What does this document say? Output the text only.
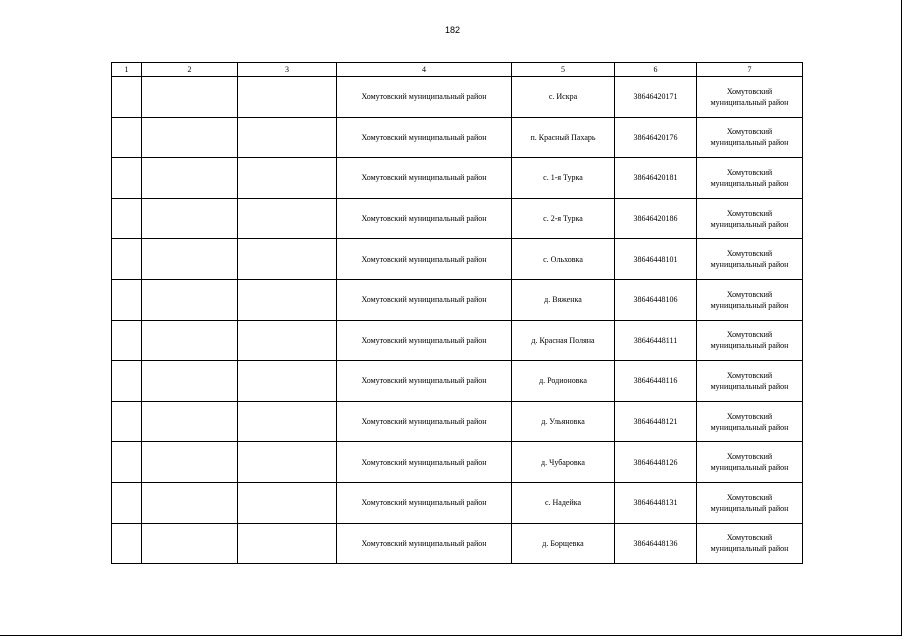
182
1	2	3	4	5	6	7
			Хомутовский муниципальный район	с. Искра	38646420171	Хомутовский муниципальный район
			Хомутовский муниципальный район	п. Красный Пахарь	38646420176	Хомутовский муниципальный район
			Хомутовский муниципальный район	с. 1-я Турка	38646420181	Хомутовский муниципальный район
			Хомутовский муниципальный район	с. 2-я Турка	38646420186	Хомутовский муниципальный район
			Хомутовский муниципальный район	с. Ольховка	38646448101	Хомутовский муниципальный район
			Хомутовский муниципальный район	д. Вяженка	38646448106	Хомутовский муниципальный район
			Хомутовский муниципальный район	д. Красная Поляна	38646448111	Хомутовский муниципальный район
			Хомутовский муниципальный район	д. Родионовка	38646448116	Хомутовский муниципальный район
			Хомутовский муниципальный район	д. Ульяновка	38646448121	Хомутовский муниципальный район
			Хомутовский муниципальный район	д. Чубаровка	38646448126	Хомутовский муниципальный район
			Хомутовский муниципальный район	с. Надейка	38646448131	Хомутовский муниципальный район
			Хомутовский муниципальный район	д. Борщевка	38646448136	Хомутовский муниципальный район
